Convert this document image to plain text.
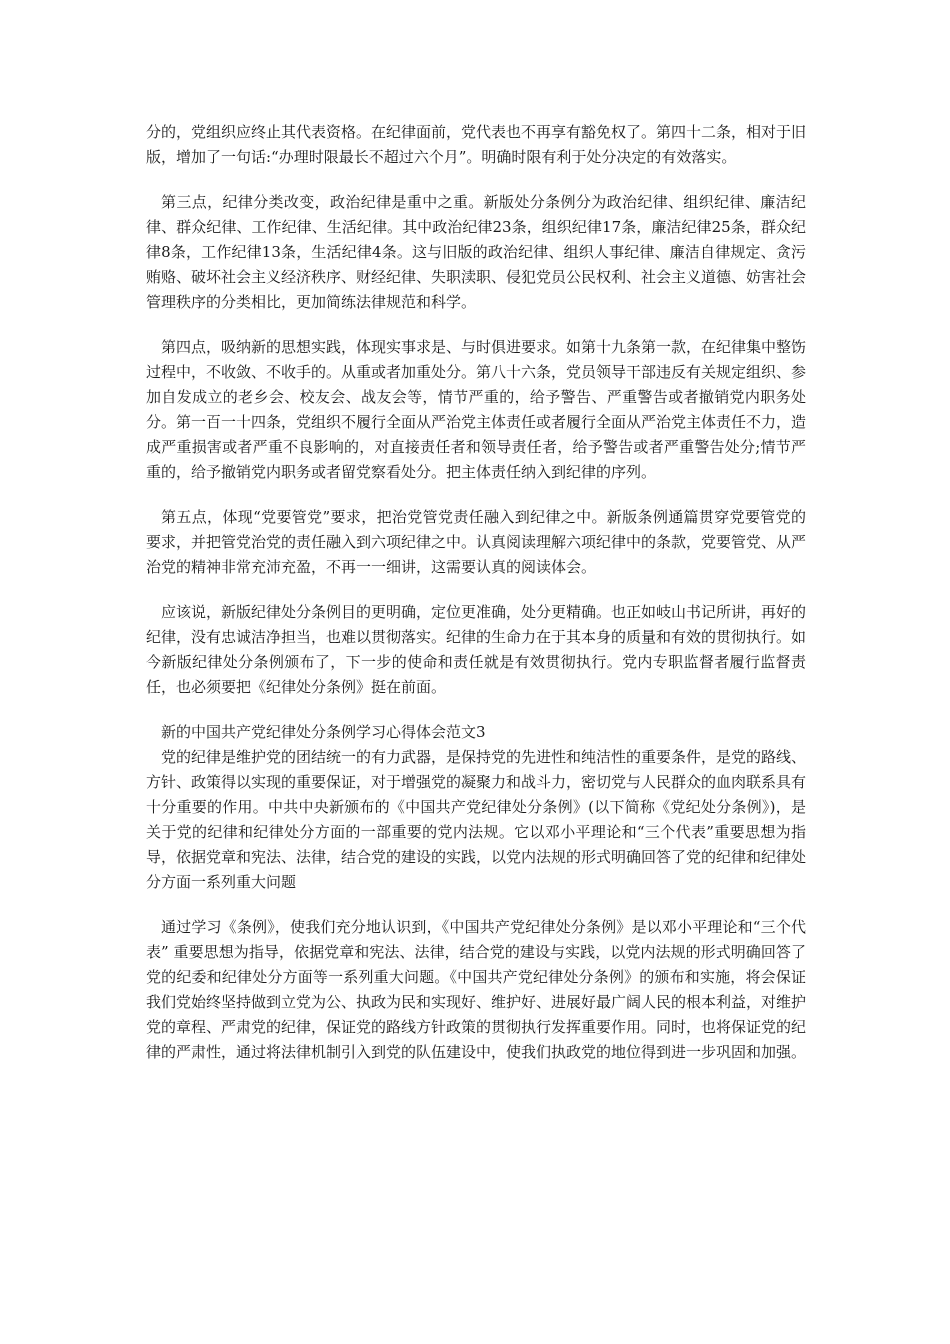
分的，党组织应终止其代表资格。在纪律面前，党代表也不再享有豁免权了。第四十二条，相对于旧版，增加了一句话:“办理时限最长不超过六个月”。明确时限有利于处分决定的有效落实。

第三点，纪律分类改变，政治纪律是重中之重。新版处分条例分为政治纪律、组织纪律、廉洁纪律、群众纪律、工作纪律、生活纪律。其中政治纪律23条，组织纪律17条，廉洁纪律25条，群众纪律8条，工作纪律13条，生活纪律4条。这与旧版的政治纪律、组织人事纪律、廉洁自律规定、贪污贿赂、破坏社会主义经济秩序、财经纪律、失职渎职、侵犯党员公民权利、社会主义道德、妨害社会管理秩序的分类相比，更加简练法律规范和科学。

第四点，吸纳新的思想实践，体现实事求是、与时俱进要求。如第十九条第一款，在纪律集中整饬过程中，不收敛、不收手的。从重或者加重处分。第八十六条，党员领导干部违反有关规定组织、参加自发成立的老乡会、校友会、战友会等，情节严重的，给予警告、严重警告或者撤销党内职务处分。第一百一十四条，党组织不履行全面从严治党主体责任或者履行全面从严治党主体责任不力，造成严重损害或者严重不良影响的，对直接责任者和领导责任者，给予警告或者严重警告处分;情节严重的，给予撤销党内职务或者留党察看处分。把主体责任纳入到纪律的序列。

第五点，体现“党要管党”要求，把治党管党责任融入到纪律之中。新版条例通篇贯穿党要管党的要求，并把管党治党的责任融入到六项纪律之中。认真阅读理解六项纪律中的条款，党要管党、从严治党的精神非常充沛充盈，不再一一细讲，这需要认真的阅读体会。

应该说，新版纪律处分条例目的更明确，定位更准确，处分更精确。也正如岐山书记所讲，再好的纪律，没有忠诚洁净担当，也难以贯彻落实。纪律的生命力在于其本身的质量和有效的贯彻执行。如今新版纪律处分条例颁布了，下一步的使命和责任就是有效贯彻执行。党内专职监督者履行监督责任，也必须要把《纪律处分条例》挺在前面。

新的中国共产党纪律处分条例学习心得体会范文3

党的纪律是维护党的团结统一的有力武器，是保持党的先进性和纯洁性的重要条件，是党的路线、方针、政策得以实现的重要保证，对于增强党的凝聚力和战斗力，密切党与人民群众的血肉联系具有十分重要的作用。中共中央新颁布的《中国共产党纪律处分条例》(以下简称《党纪处分条例》)，是关于党的纪律和纪律处分方面的一部重要的党内法规。它以邓小平理论和“三个代表”重要思想为指导，依据党章和宪法、法律，结合党的建设的实践，以党内法规的形式明确回答了党的纪律和纪律处分方面一系列重大问题

通过学习《条例》，使我们充分地认识到，《中国共产党纪律处分条例》是以邓小平理论和“三个代表” 重要思想为指导，依据党章和宪法、法律，结合党的建设与实践，以党内法规的形式明确回答了党的纪委和纪律处分方面等一系列重大问题。《中国共产党纪律处分条例》的颁布和实施，将会保证我们党始终坚持做到立党为公、执政为民和实现好、维护好、进展好最广阔人民的根本利益，对维护党的章程、严肃党的纪律，保证党的路线方针政策的贯彻执行发挥重要作用。同时，也将保证党的纪律的严肃性，通过将法律机制引入到党的队伍建设中，使我们执政党的地位得到进一步巩固和加强。
